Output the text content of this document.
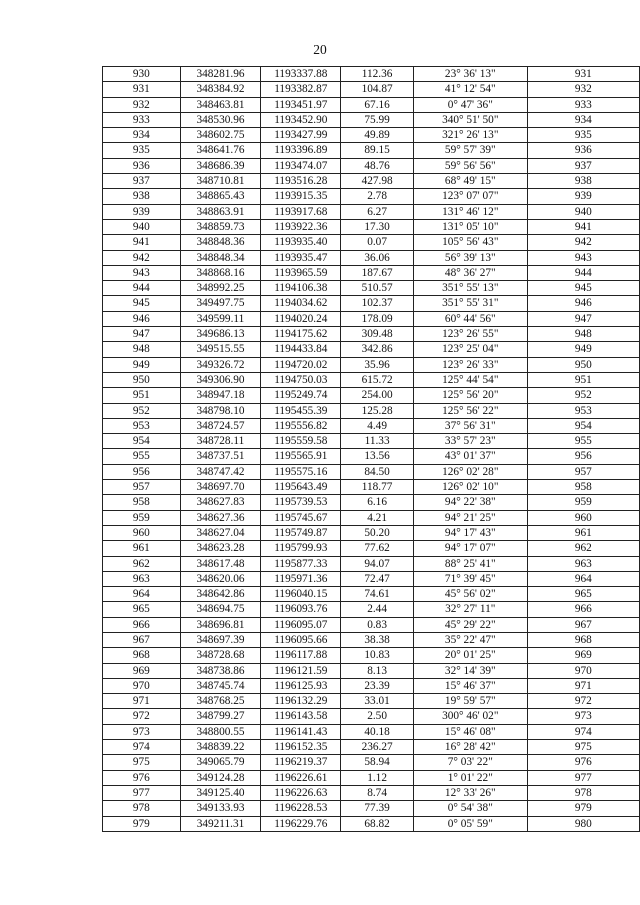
20
930	348281.96	1193337.88	112.36	23° 36' 13"	931
931	348384.92	1193382.87	104.87	41° 12' 54"	932
932	348463.81	1193451.97	67.16	0° 47' 36"	933
933	348530.96	1193452.90	75.99	340° 51' 50"	934
934	348602.75	1193427.99	49.89	321° 26' 13"	935
935	348641.76	1193396.89	89.15	59° 57' 39"	936
936	348686.39	1193474.07	48.76	59° 56' 56"	937
937	348710.81	1193516.28	427.98	68° 49' 15"	938
938	348865.43	1193915.35	2.78	123° 07' 07"	939
939	348863.91	1193917.68	6.27	131° 46' 12"	940
940	348859.73	1193922.36	17.30	131° 05' 10"	941
941	348848.36	1193935.40	0.07	105° 56' 43"	942
942	348848.34	1193935.47	36.06	56° 39' 13"	943
943	348868.16	1193965.59	187.67	48° 36' 27"	944
944	348992.25	1194106.38	510.57	351° 55' 13"	945
945	349497.75	1194034.62	102.37	351° 55' 31"	946
946	349599.11	1194020.24	178.09	60° 44' 56"	947
947	349686.13	1194175.62	309.48	123° 26' 55"	948
948	349515.55	1194433.84	342.86	123° 25' 04"	949
949	349326.72	1194720.02	35.96	123° 26' 33"	950
950	349306.90	1194750.03	615.72	125° 44' 54"	951
951	348947.18	1195249.74	254.00	125° 56' 20"	952
952	348798.10	1195455.39	125.28	125° 56' 22"	953
953	348724.57	1195556.82	4.49	37° 56' 31"	954
954	348728.11	1195559.58	11.33	33° 57' 23"	955
955	348737.51	1195565.91	13.56	43° 01' 37"	956
956	348747.42	1195575.16	84.50	126° 02' 28"	957
957	348697.70	1195643.49	118.77	126° 02' 10"	958
958	348627.83	1195739.53	6.16	94° 22' 38"	959
959	348627.36	1195745.67	4.21	94° 21' 25"	960
960	348627.04	1195749.87	50.20	94° 17' 43"	961
961	348623.28	1195799.93	77.62	94° 17' 07"	962
962	348617.48	1195877.33	94.07	88° 25' 41"	963
963	348620.06	1195971.36	72.47	71° 39' 45"	964
964	348642.86	1196040.15	74.61	45° 56' 02"	965
965	348694.75	1196093.76	2.44	32° 27' 11"	966
966	348696.81	1196095.07	0.83	45° 29' 22"	967
967	348697.39	1196095.66	38.38	35° 22' 47"	968
968	348728.68	1196117.88	10.83	20° 01' 25"	969
969	348738.86	1196121.59	8.13	32° 14' 39"	970
970	348745.74	1196125.93	23.39	15° 46' 37"	971
971	348768.25	1196132.29	33.01	19° 59' 57"	972
972	348799.27	1196143.58	2.50	300° 46' 02"	973
973	348800.55	1196141.43	40.18	15° 46' 08"	974
974	348839.22	1196152.35	236.27	16° 28' 42"	975
975	349065.79	1196219.37	58.94	7° 03' 22"	976
976	349124.28	1196226.61	1.12	1° 01' 22"	977
977	349125.40	1196226.63	8.74	12° 33' 26"	978
978	349133.93	1196228.53	77.39	0° 54' 38"	979
979	349211.31	1196229.76	68.82	0° 05' 59"	980
